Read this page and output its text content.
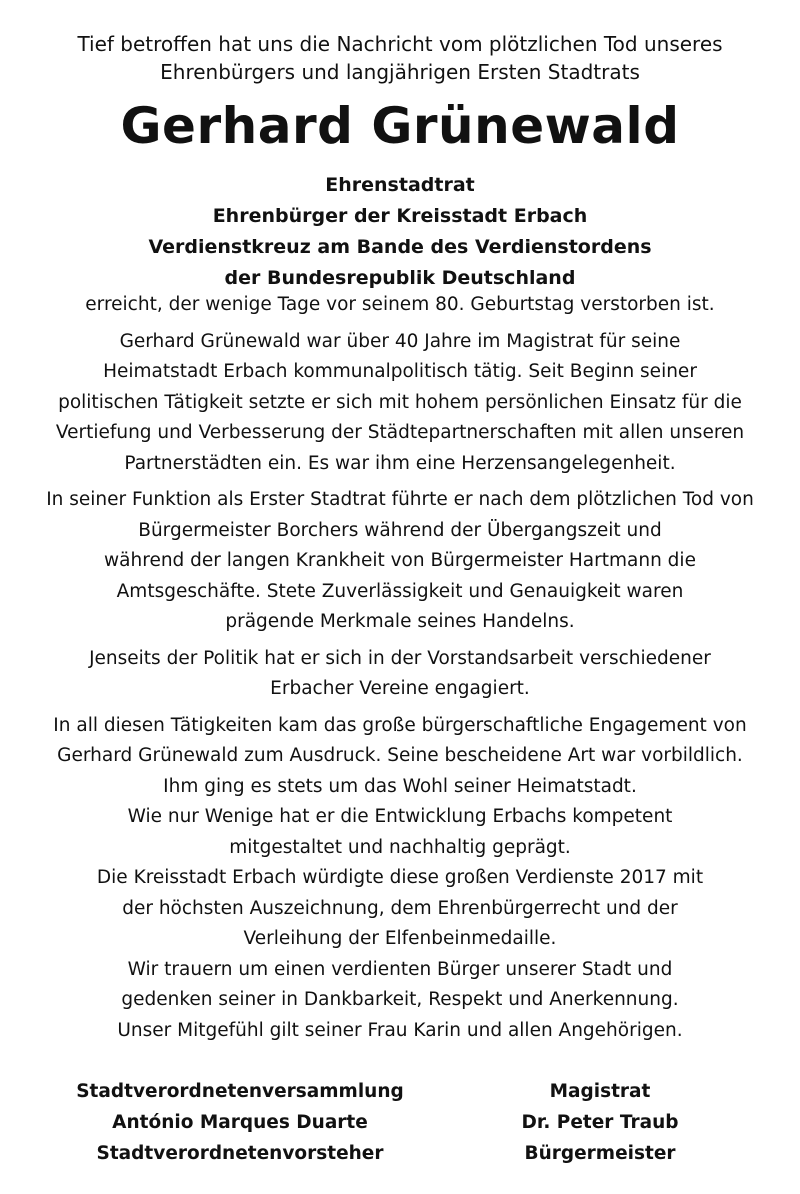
Tief betroffen hat uns die Nachricht vom plötzlichen Tod unseres
Ehrenbürgers und langjährigen Ersten Stadtrats
Gerhard Grünewald
Ehrenstadtrat
Ehrenbürger der Kreisstadt Erbach
Verdienstkreuz am Bande des Verdienstordens
der Bundesrepublik Deutschland
erreicht, der wenige Tage vor seinem 80. Geburtstag verstorben ist.
Gerhard Grünewald war über 40 Jahre im Magistrat für seine
Heimatstadt Erbach kommunalpolitisch tätig. Seit Beginn seiner
politischen Tätigkeit setzte er sich mit hohem persönlichen Einsatz für die
Vertiefung und Verbesserung der Städtepartnerschaften mit allen unseren
Partnerstädten ein. Es war ihm eine Herzensangelegenheit.
In seiner Funktion als Erster Stadtrat führte er nach dem plötzlichen Tod von
Bürgermeister Borchers während der Übergangszeit und
während der langen Krankheit von Bürgermeister Hartmann die
Amtsgeschäfte. Stete Zuverlässigkeit und Genauigkeit waren
prägende Merkmale seines Handelns.
Jenseits der Politik hat er sich in der Vorstandsarbeit verschiedener
Erbacher Vereine engagiert.
In all diesen Tätigkeiten kam das große bürgerschaftliche Engagement von
Gerhard Grünewald zum Ausdruck. Seine bescheidene Art war vorbildlich.
Ihm ging es stets um das Wohl seiner Heimatstadt.
Wie nur Wenige hat er die Entwicklung Erbachs kompetent
mitgestaltet und nachhaltig geprägt.
Die Kreisstadt Erbach würdigte diese großen Verdienste 2017 mit
der höchsten Auszeichnung, dem Ehrenbürgerrecht und der
Verleihung der Elfenbeinmedaille.
Wir trauern um einen verdienten Bürger unserer Stadt und
gedenken seiner in Dankbarkeit, Respekt und Anerkennung.
Unser Mitgefühl gilt seiner Frau Karin und allen Angehörigen.
Stadtverordnetenversammlung
António Marques Duarte
Stadtverordnetenvorsteher
Magistrat
Dr. Peter Traub
Bürgermeister
